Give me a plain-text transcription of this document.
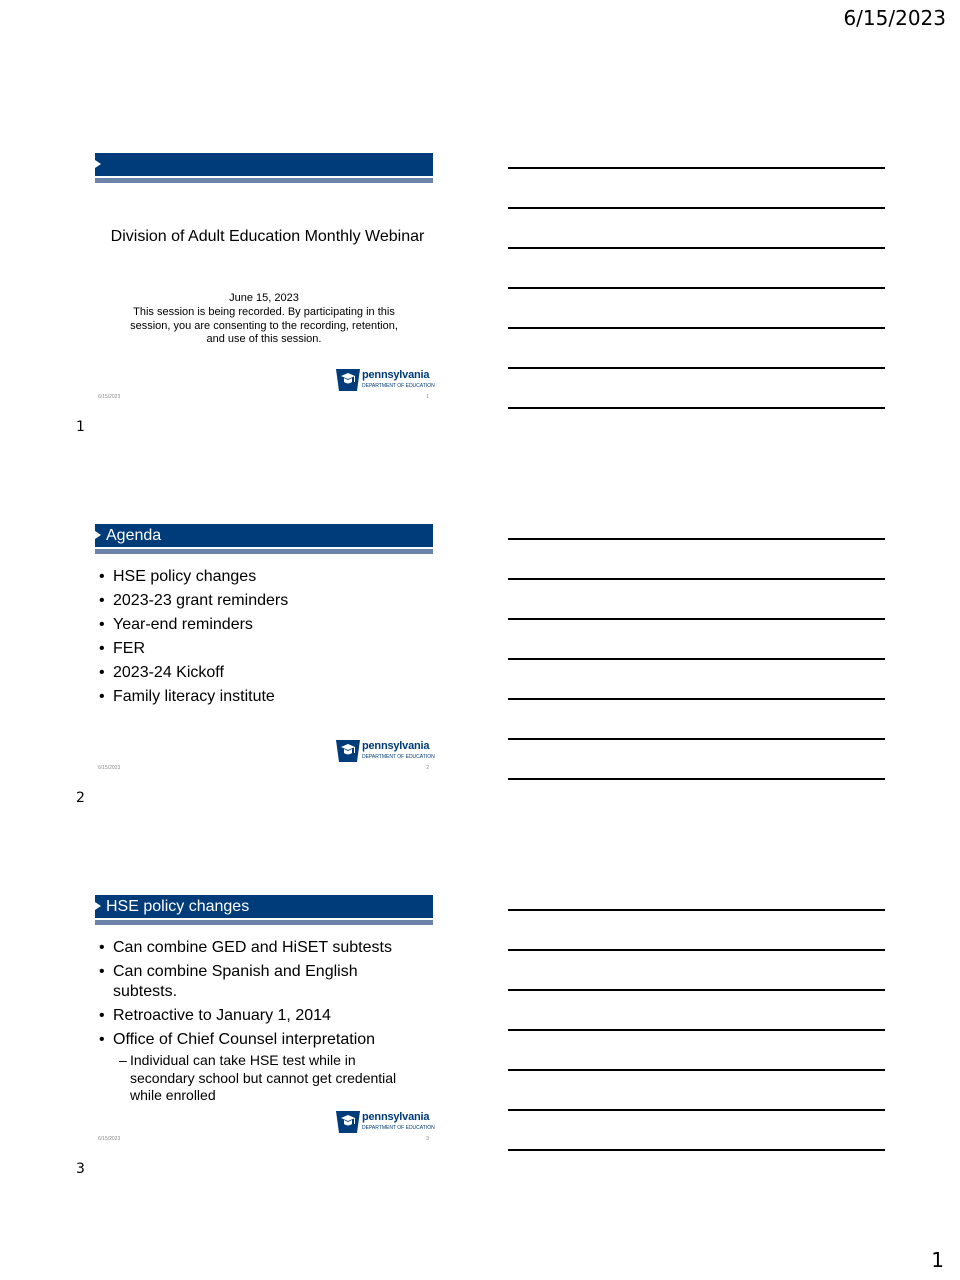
6/15/2023
Division of Adult Education Monthly Webinar
June 15, 2023
This session is being recorded. By participating in this session, you are consenting to the recording, retention, and use of this session.
pennsylvania
DEPARTMENT OF EDUCATION
6/15/2023	1
1
Agenda
• HSE policy changes
• 2023-23 grant reminders
• Year-end reminders
• FER
• 2023-24 Kickoff
• Family literacy institute
pennsylvania
DEPARTMENT OF EDUCATION
6/15/2023	2
2
HSE policy changes
• Can combine GED and HiSET subtests
• Can combine Spanish and English subtests.
• Retroactive to January 1, 2014
• Office of Chief Counsel interpretation
– Individual can take HSE test while in secondary school but cannot get credential while enrolled
pennsylvania
DEPARTMENT OF EDUCATION
6/15/2023	3
3
1
